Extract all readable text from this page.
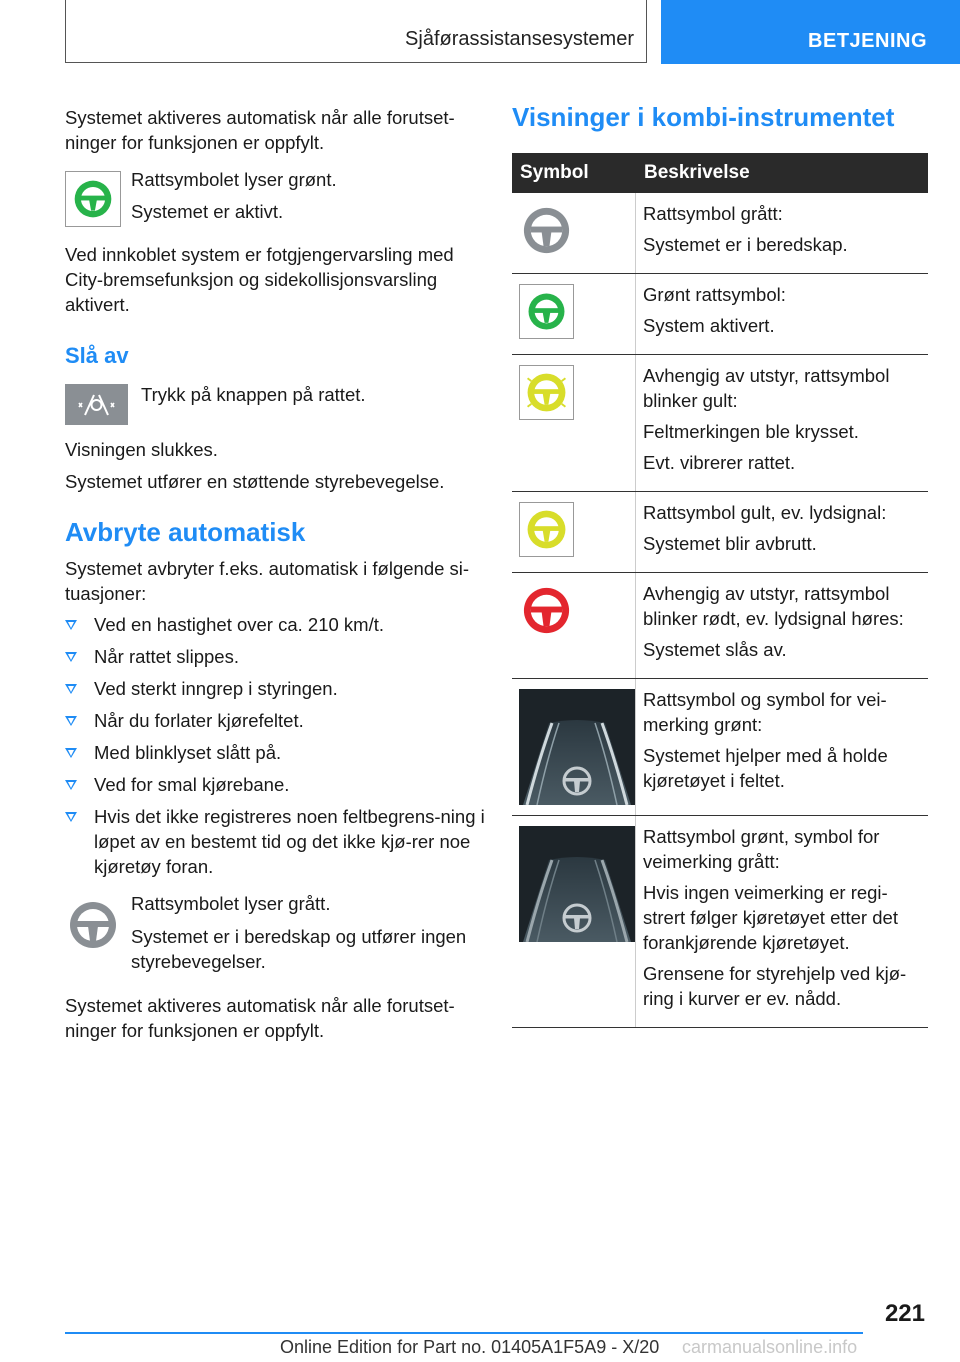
Sjåførassistansesystemer	BETJENING

Systemet aktiveres automatisk når alle forutset-ninger for funksjonen er oppfylt.

Rattsymbolet lyser grønt.

Systemet er aktivt.

Ved innkoblet system er fotgjengervarsling med City-bremsefunksjon og sidekollisjonsvarsling aktivert.

Slå av

Trykk på knappen på rattet.

Visningen slukkes.

Systemet utfører en støttende styrebevegelse.

Avbryte automatisk

Systemet avbryter f.eks. automatisk i følgende si-tuasjoner:

Ved en hastighet over ca. 210 km/t.
Når rattet slippes.
Ved sterkt inngrep i styringen.
Når du forlater kjørefeltet.
Med blinklyset slått på.
Ved for smal kjørebane.
Hvis det ikke registreres noen feltbegrens-ning i løpet av en bestemt tid og det ikke kjø-rer noe kjøretøy foran.

Rattsymbolet lyser grått.

Systemet er i beredskap og utfører ingen styrebevegelser.

Systemet aktiveres automatisk når alle forutset-ninger for funksjonen er oppfylt.

Visninger i kombi-instrumentet
Symbol	Beskrivelse

Rattsymbol grått:

Systemet er i beredskap.

Grønt rattsymbol:

System aktivert.

Avhengig av utstyr, rattsymbol blinker gult:

Feltmerkingen ble krysset.

Evt. vibrerer rattet.

Rattsymbol gult, ev. lydsignal:

Systemet blir avbrutt.

Avhengig av utstyr, rattsymbol blinker rødt, ev. lydsignal høres:

Systemet slås av.

Rattsymbol og symbol for vei-merking grønt:

Systemet hjelper med å holde kjøretøyet i feltet.

Rattsymbol grønt, symbol for veimerking grått:

Hvis ingen veimerking er regi-strert følger kjøretøyet etter det forankjørende kjøretøyet.

Grensene for styrehjelp ved kjø-ring i kurver er ev. nådd.

221
Online Edition for Part no. 01405A1F5A9 - X/20 carmanualsonline.info
